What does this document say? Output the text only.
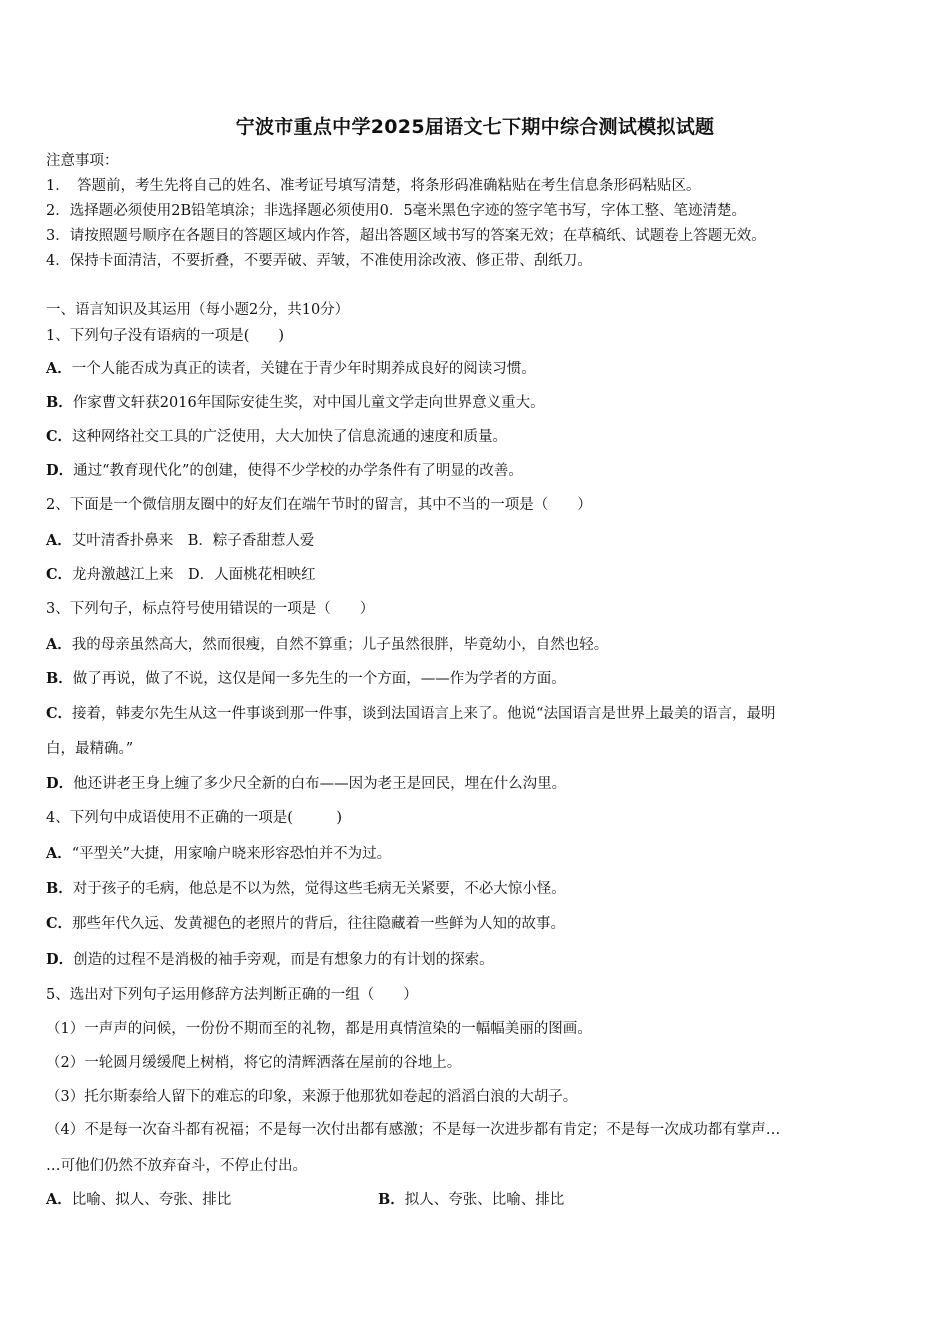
宁波市重点中学2025届语文七下期中综合测试模拟试题
注意事项：
1．　答题前，考生先将自己的姓名、准考证号填写清楚，将条形码准确粘贴在考生信息条形码粘贴区。
2．选择题必须使用2B铅笔填涂；非选择题必须使用0．5毫米黑色字迹的签字笔书写，字体工整、笔迹清楚。
3．请按照题号顺序在各题目的答题区域内作答，超出答题区域书写的答案无效；在草稿纸、试题卷上答题无效。
4．保持卡面清洁，不要折叠，不要弄破、弄皱，不准使用涂改液、修正带、刮纸刀。
一、语言知识及其运用（每小题2分，共10分）
1、下列句子没有语病的一项是(　　)
A．一个人能否成为真正的读者，关键在于青少年时期养成良好的阅读习惯。
B．作家曹文轩获2016年国际安徒生奖，对中国儿童文学走向世界意义重大。
C．这种网络社交工具的广泛使用，大大加快了信息流通的速度和质量。
D．通过“教育现代化”的创建，使得不少学校的办学条件有了明显的改善。
2、下面是一个微信朋友圈中的好友们在端午节时的留言，其中不当的一项是（　　）
A．艾叶清香扑鼻来　B．粽子香甜惹人爱
C．龙舟激越江上来　D．人面桃花相映红
3、下列句子，标点符号使用错误的一项是（　　）
A．我的母亲虽然高大，然而很瘦，自然不算重；儿子虽然很胖，毕竟幼小，自然也轻。
B．做了再说，做了不说，这仅是闻一多先生的一个方面，——作为学者的方面。
C．接着，韩麦尔先生从这一件事谈到那一件事，谈到法国语言上来了。他说“法国语言是世界上最美的语言，最明
白，最精确。”
D．他还讲老王身上缠了多少尺全新的白布——因为老王是回民，埋在什么沟里。
4、下列句中成语使用不正确的一项是(　　　)
A．“平型关”大捷，用家喻户晓来形容恐怕并不为过。
B．对于孩子的毛病，他总是不以为然，觉得这些毛病无关紧要，不必大惊小怪。
C．那些年代久远、发黄褪色的老照片的背后，往往隐藏着一些鲜为人知的故事。
D．创造的过程不是消极的袖手旁观，而是有想象力的有计划的探索。
5、选出对下列句子运用修辞方法判断正确的一组（　　）
（1）一声声的问候，一份份不期而至的礼物，都是用真情渲染的一幅幅美丽的图画。
（2）一轮圆月缓缓爬上树梢，将它的清辉洒落在屋前的谷地上。
（3）托尔斯泰给人留下的难忘的印象，来源于他那犹如卷起的滔滔白浪的大胡子。
（4）不是每一次奋斗都有祝福；不是每一次付出都有感激；不是每一次进步都有肯定；不是每一次成功都有掌声…
…可他们仍然不放弃奋斗，不停止付出。
A．比喻、拟人、夸张、排比	B．拟人、夸张、比喻、排比
